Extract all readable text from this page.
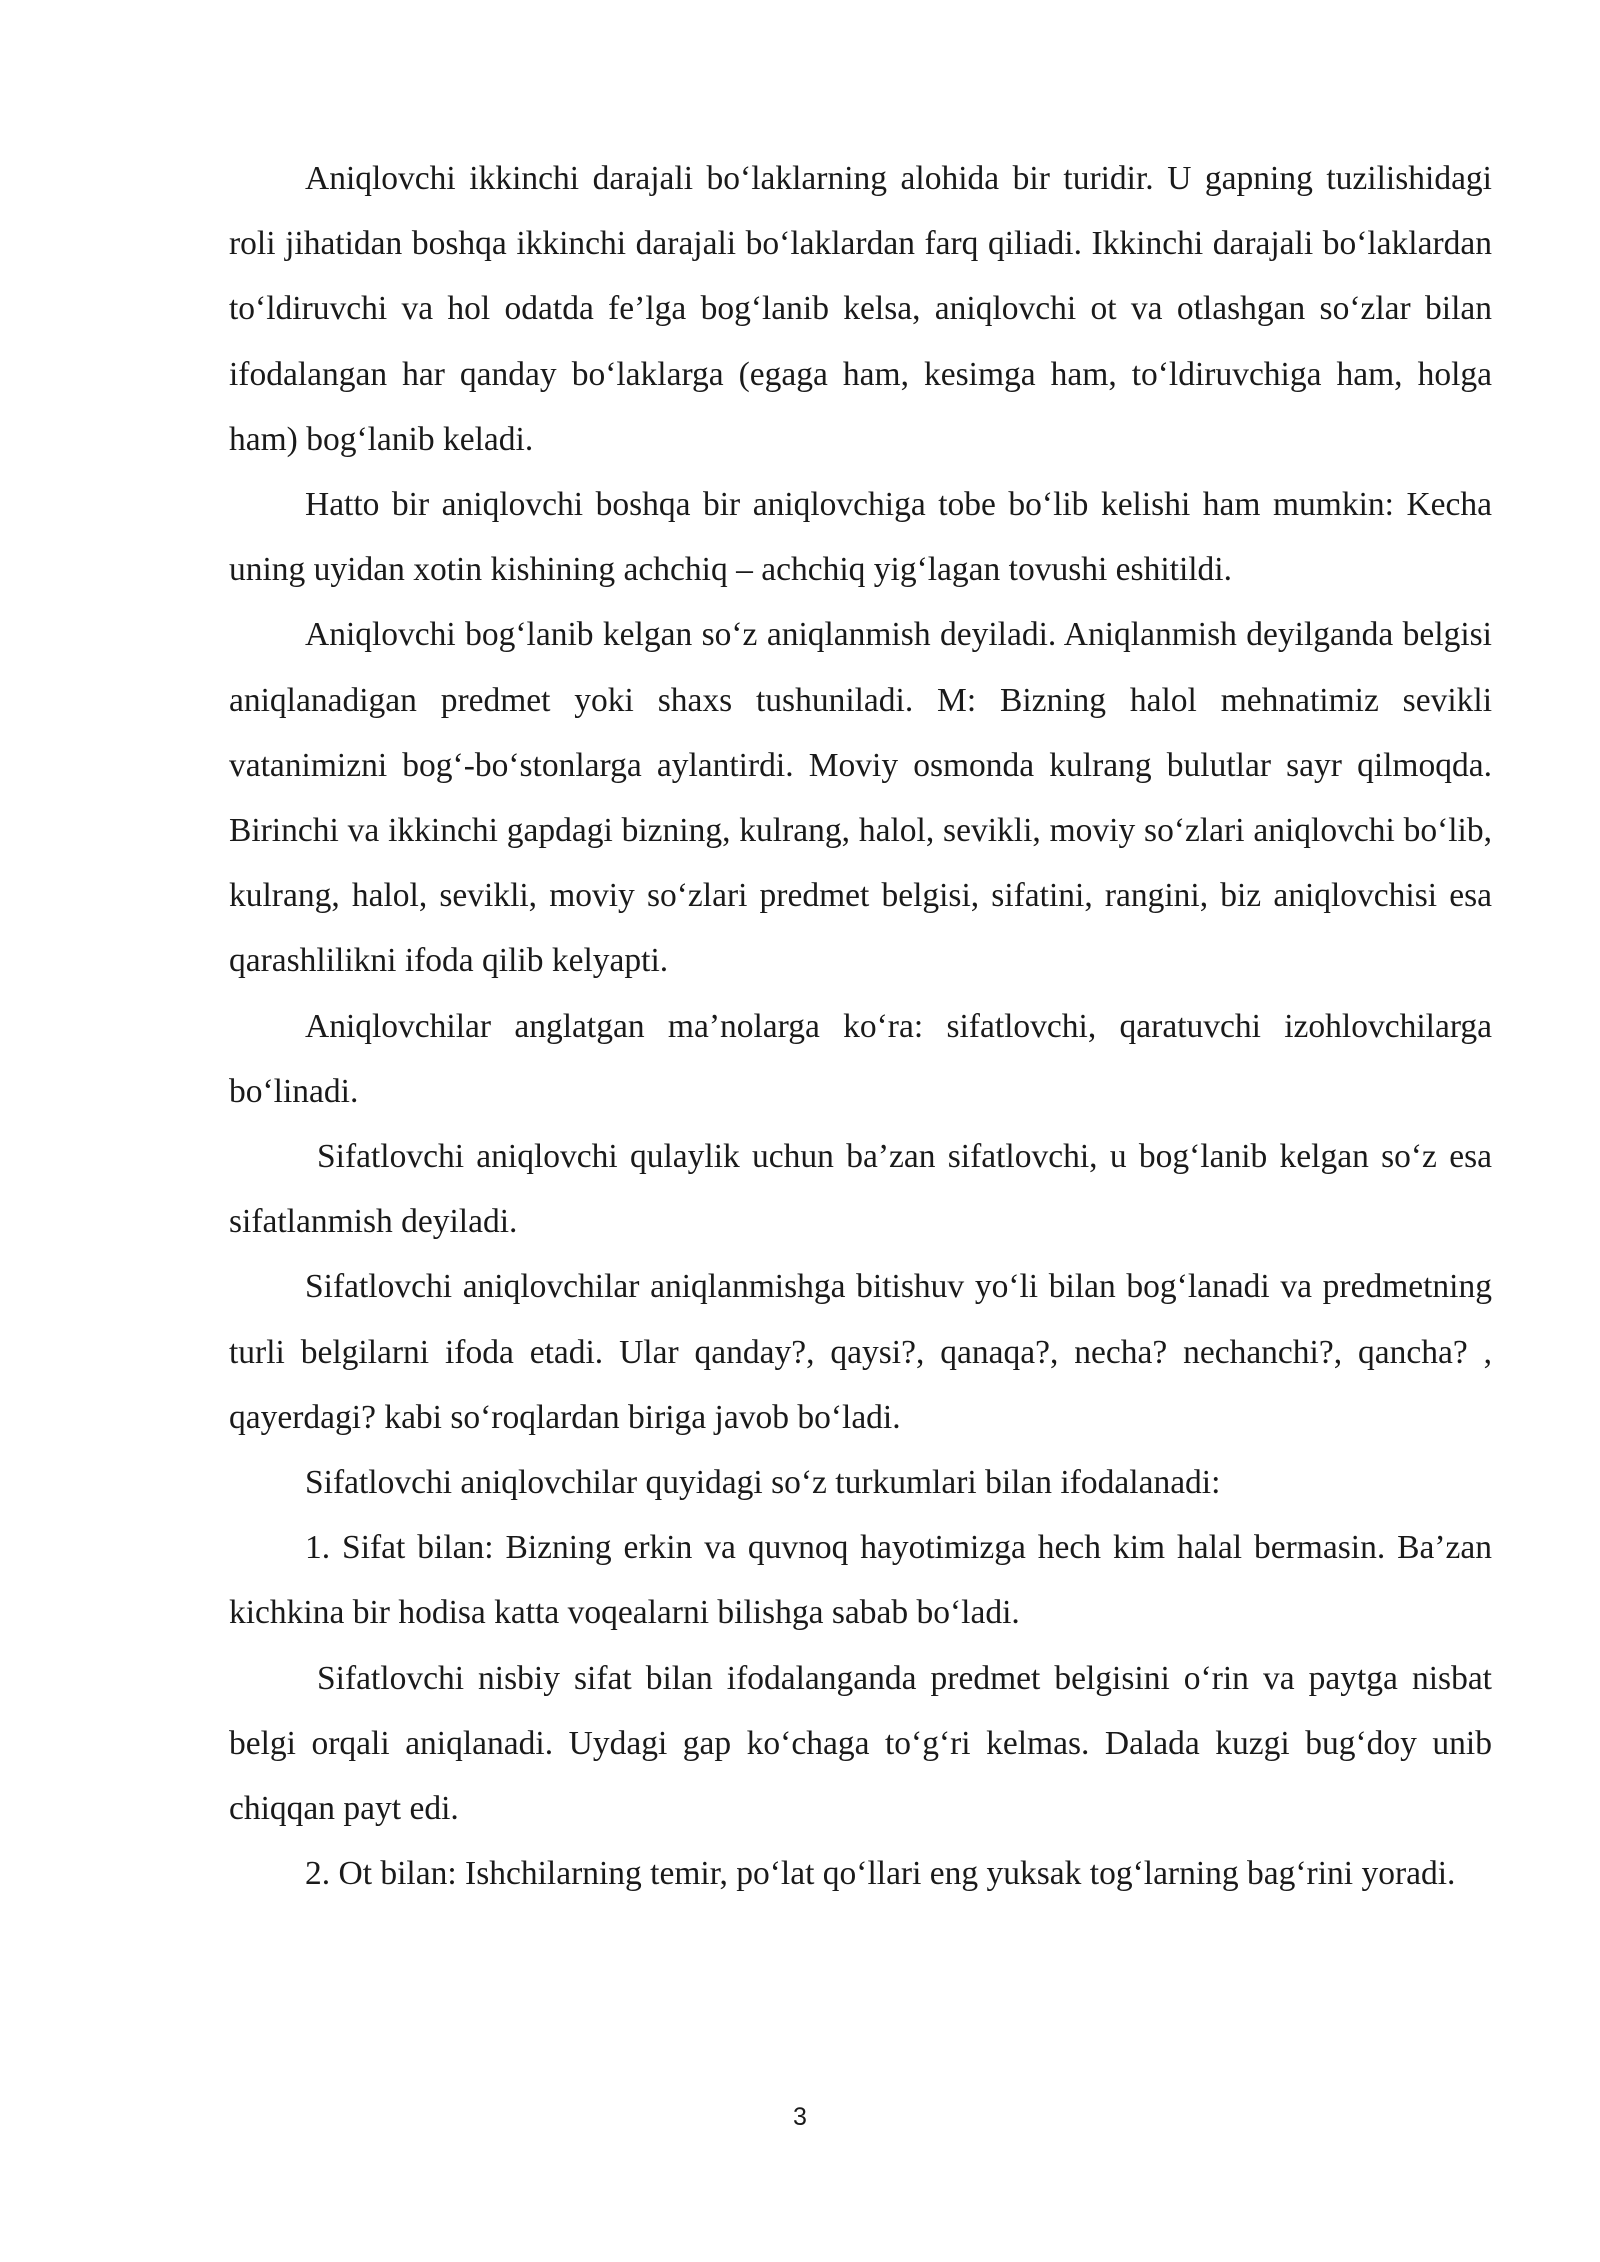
Aniqlovchi ikkinchi darajali bo‘laklarning alohida bir turidir. U gapning tuzilishidagi roli jihatidan boshqa ikkinchi darajali bo‘laklardan farq qiliadi. Ikkinchi darajali bo‘laklardan to‘ldiruvchi va hol odatda fe’lga bog‘lanib kelsa, aniqlovchi ot va otlashgan so‘zlar bilan ifodalangan har qanday bo‘laklarga (egaga ham, kesimga ham, to‘ldiruvchiga ham, holga ham) bog‘lanib keladi.

Hatto bir aniqlovchi boshqa bir aniqlovchiga tobe bo‘lib kelishi ham mumkin: Kecha uning uyidan xotin kishining achchiq – achchiq yig‘lagan tovushi eshitildi.

Aniqlovchi bog‘lanib kelgan so‘z aniqlanmish deyiladi. Aniqlanmish deyilganda belgisi aniqlanadigan predmet yoki shaxs tushuniladi. M: Bizning halol mehnatimiz sevikli vatanimizni bog‘-bo‘stonlarga aylantirdi. Moviy osmonda kulrang bulutlar sayr qilmoqda. Birinchi va ikkinchi gapdagi bizning, kulrang, halol, sevikli, moviy so‘zlari aniqlovchi bo‘lib, kulrang, halol, sevikli, moviy so‘zlari predmet belgisi, sifatini, rangini, biz aniqlovchisi esa qarashlilikni ifoda qilib kelyapti.

Aniqlovchilar anglatgan ma’nolarga ko‘ra: sifatlovchi, qaratuvchi izohlovchilarga bo‘linadi.

Sifatlovchi aniqlovchi qulaylik uchun ba’zan sifatlovchi, u bog‘lanib kelgan so‘z esa sifatlanmish deyiladi.

Sifatlovchi aniqlovchilar aniqlanmishga bitishuv yo‘li bilan bog‘lanadi va predmetning turli belgilarni ifoda etadi. Ular qanday?, qaysi?, qanaqa?, necha? nechanchi?, qancha? , qayerdagi? kabi so‘roqlardan biriga javob bo‘ladi.

Sifatlovchi aniqlovchilar quyidagi so‘z turkumlari bilan ifodalanadi:

1. Sifat bilan: Bizning erkin va quvnoq hayotimizga hech kim halal bermasin. Ba’zan kichkina bir hodisa katta voqealarni bilishga sabab bo‘ladi.

Sifatlovchi nisbiy sifat bilan ifodalanganda predmet belgisini o‘rin va paytga nisbat belgi orqali aniqlanadi. Uydagi gap ko‘chaga to‘g‘ri kelmas. Dalada kuzgi bug‘doy unib chiqqan payt edi.

2. Ot bilan: Ishchilarning temir, po‘lat qo‘llari eng yuksak tog‘larning bag‘rini yoradi.

3
